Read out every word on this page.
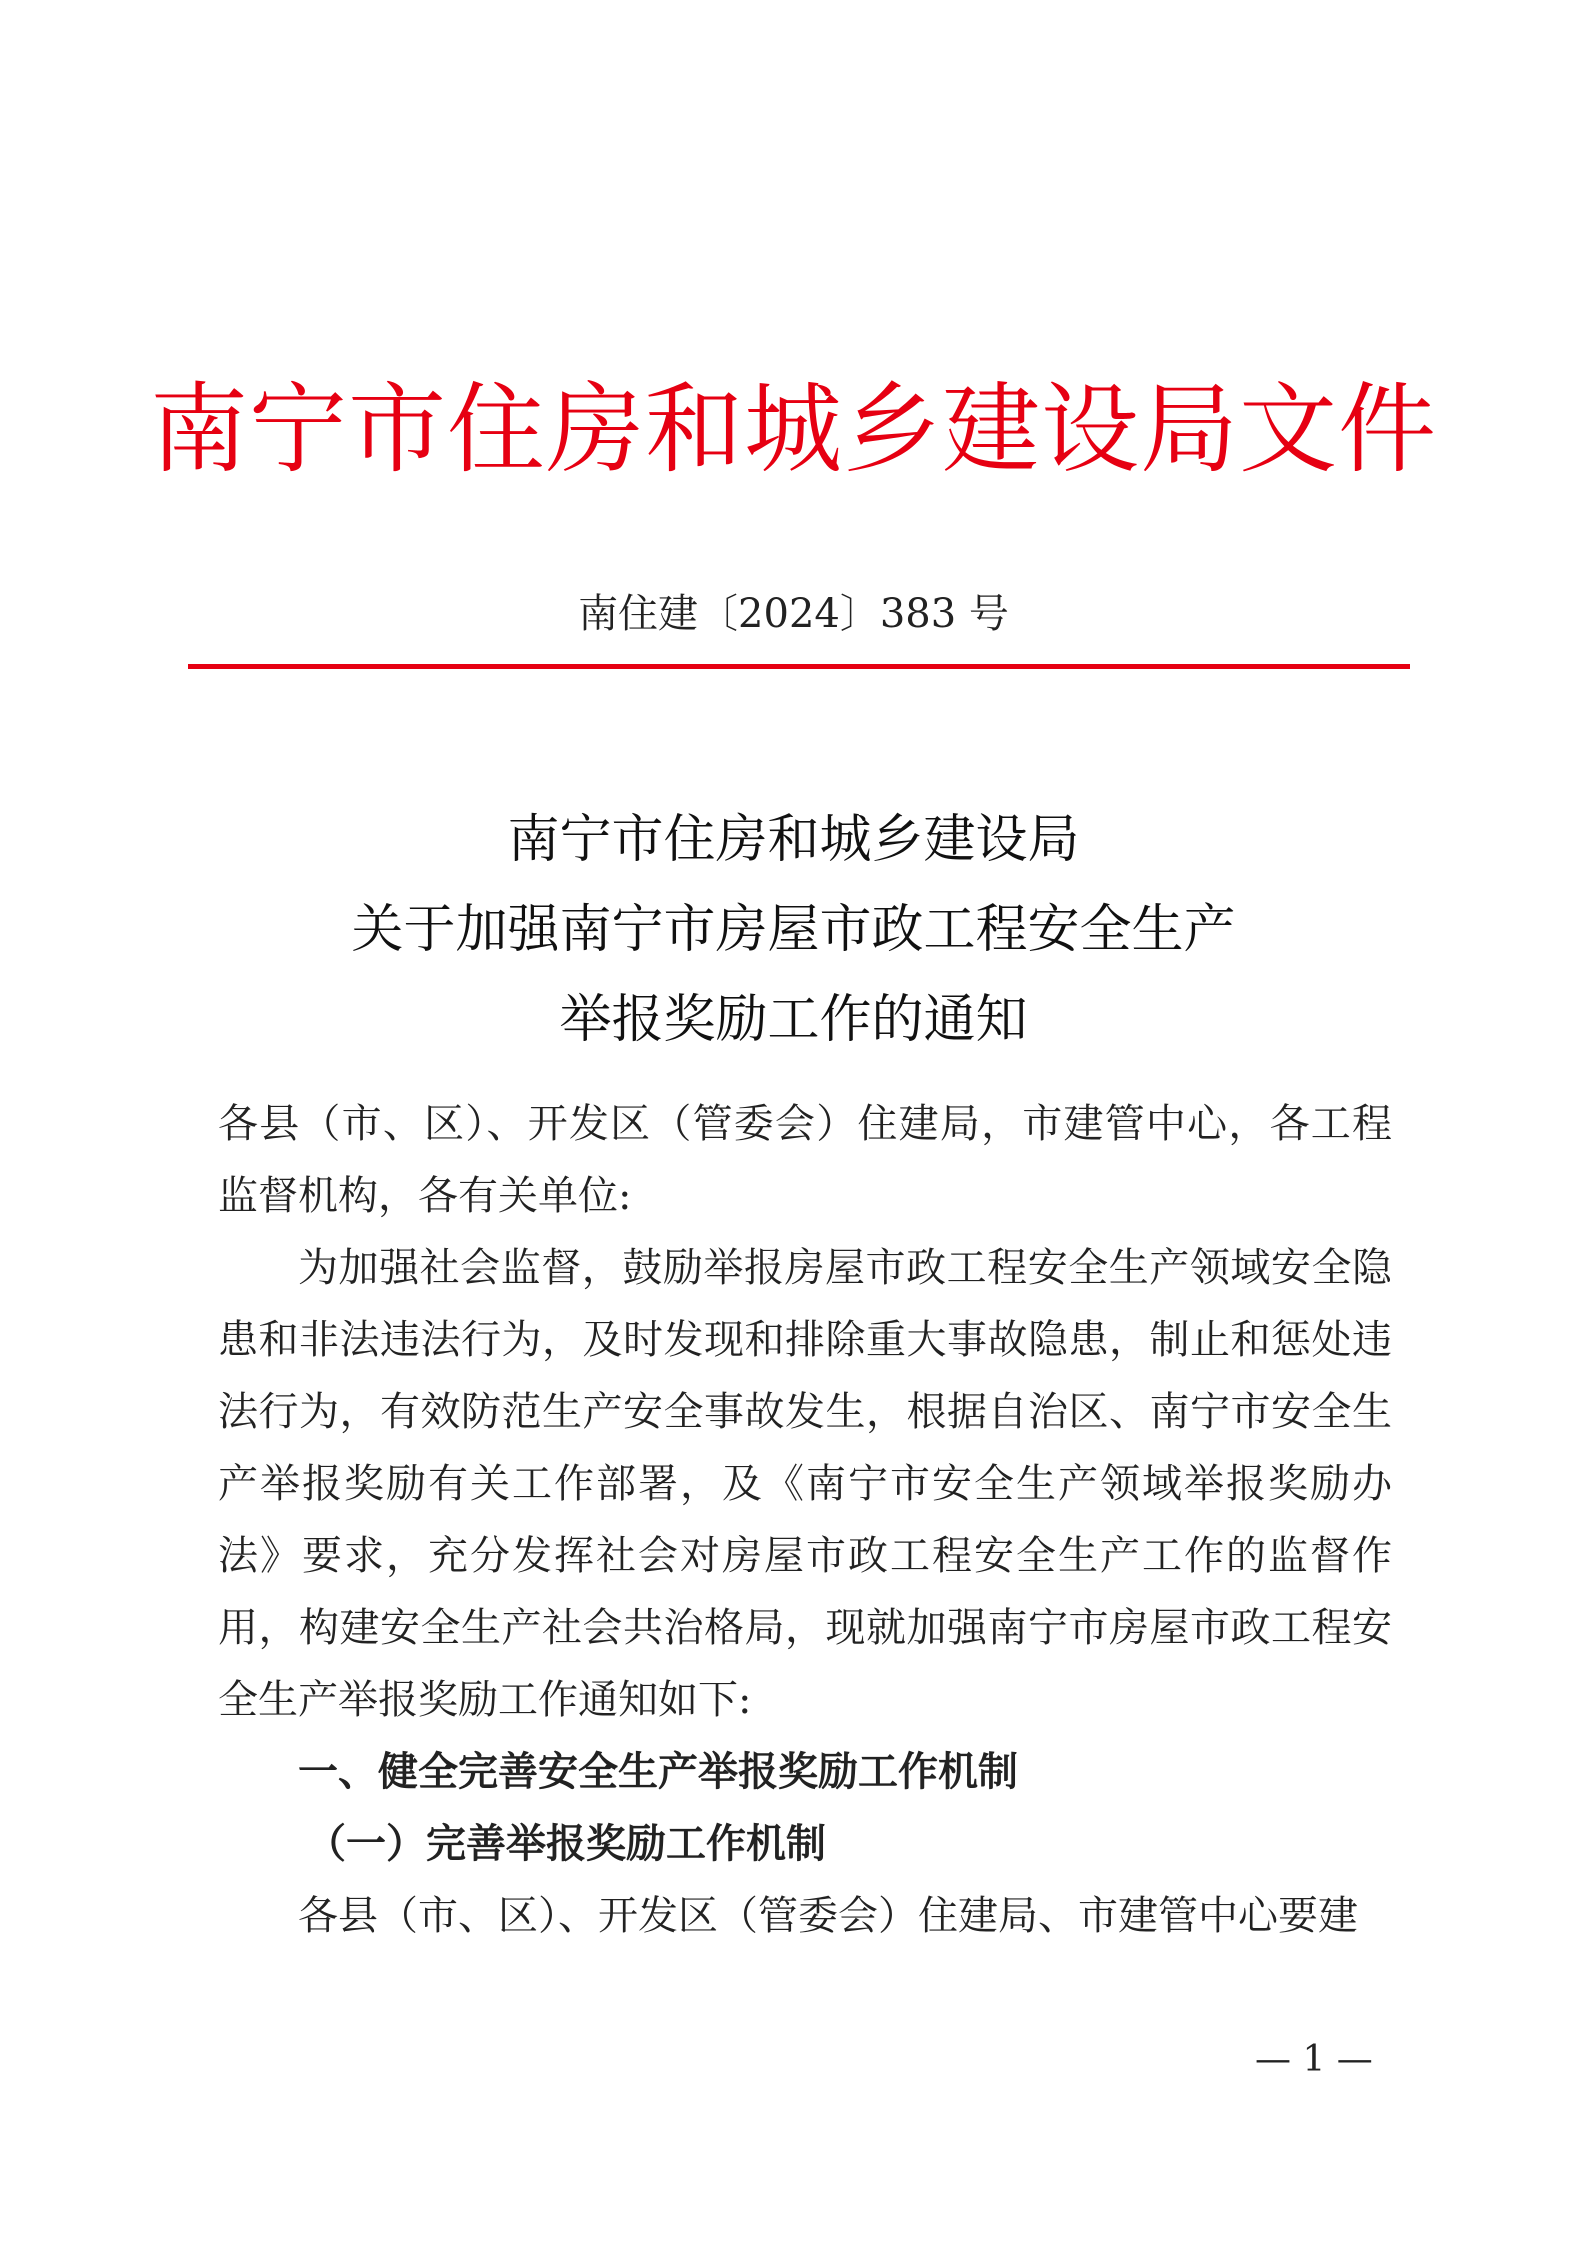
南宁市住房和城乡建设局文件
南住建〔2024〕383 号
南宁市住房和城乡建设局
关于加强南宁市房屋市政工程安全生产
举报奖励工作的通知

各县（市、区）、开发区（管委会）住建局，市建管中心，各工程监督机构，各有关单位:

为加强社会监督，鼓励举报房屋市政工程安全生产领域安全隐患和非法违法行为，及时发现和排除重大事故隐患，制止和惩处违法行为，有效防范生产安全事故发生，根据自治区、南宁市安全生产举报奖励有关工作部署，及《南宁市安全生产领域举报奖励办法》要求，充分发挥社会对房屋市政工程安全生产工作的监督作用，构建安全生产社会共治格局，现就加强南宁市房屋市政工程安全生产举报奖励工作通知如下:

一、健全完善安全生产举报奖励工作机制

（一）完善举报奖励工作机制

各县（市、区）、开发区（管委会）住建局、市建管中心要建

— 1 —
